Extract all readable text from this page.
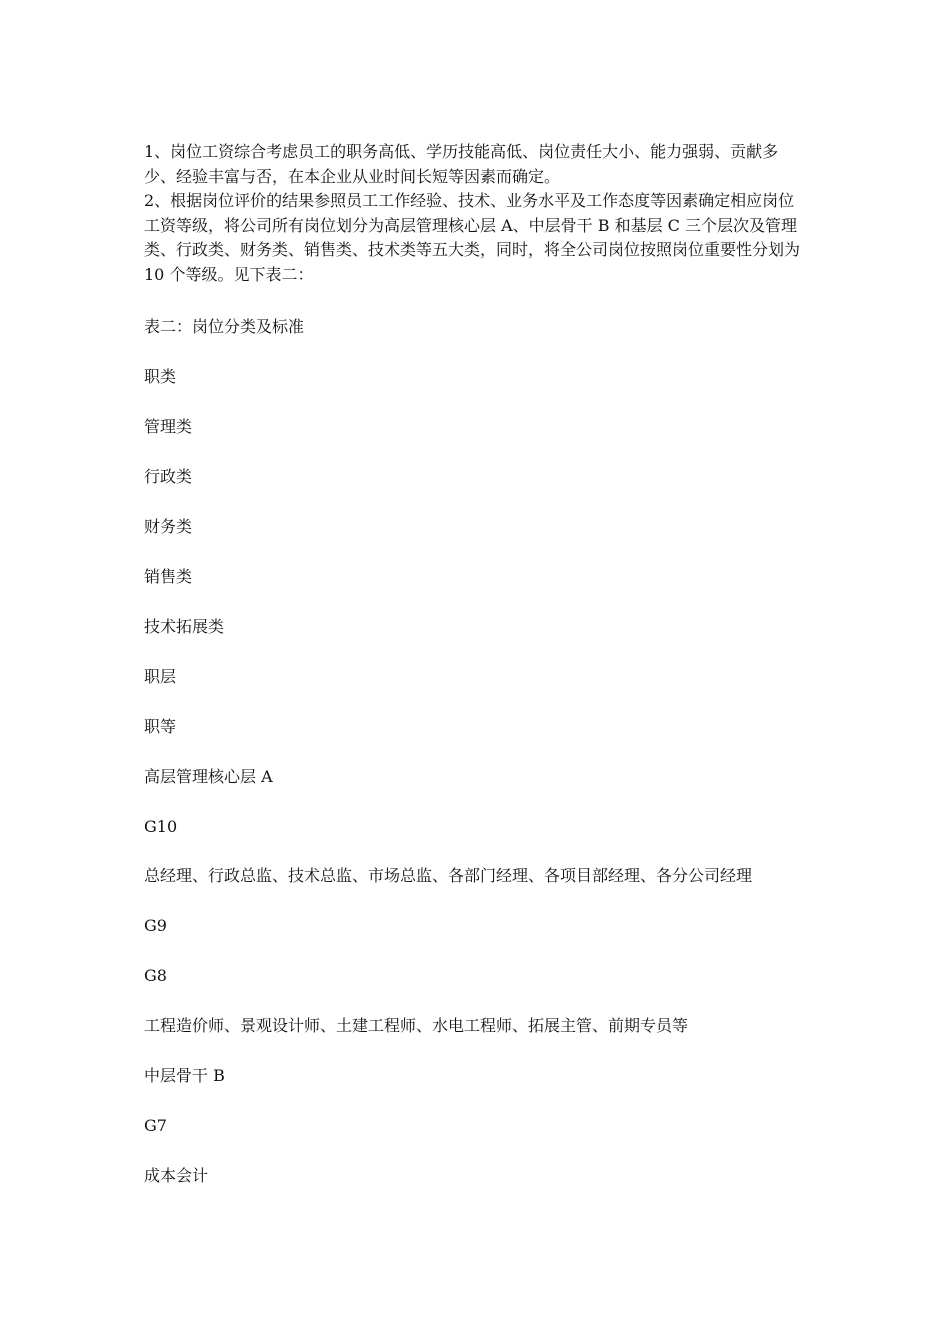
1、岗位工资综合考虑员工的职务高低、学历技能高低、岗位责任大小、能力强弱、贡献多少、经验丰富与否，在本企业从业时间长短等因素而确定。

2、根据岗位评价的结果参照员工工作经验、技术、业务水平及工作态度等因素确定相应岗位工资等级，将公司所有岗位划分为高层管理核心层 A、中层骨干 B 和基层 C 三个层次及管理类、行政类、财务类、销售类、技术类等五大类，同时，将全公司岗位按照岗位重要性分划为 10 个等级。见下表二：

表二：岗位分类及标准
职类
管理类
行政类
财务类
销售类
技术拓展类
职层
职等
高层管理核心层 A
G10
总经理、行政总监、技术总监、市场总监、各部门经理、各项目部经理、各分公司经理
G9
G8
工程造价师、景观设计师、土建工程师、水电工程师、拓展主管、前期专员等
中层骨干 B
G7
成本会计
